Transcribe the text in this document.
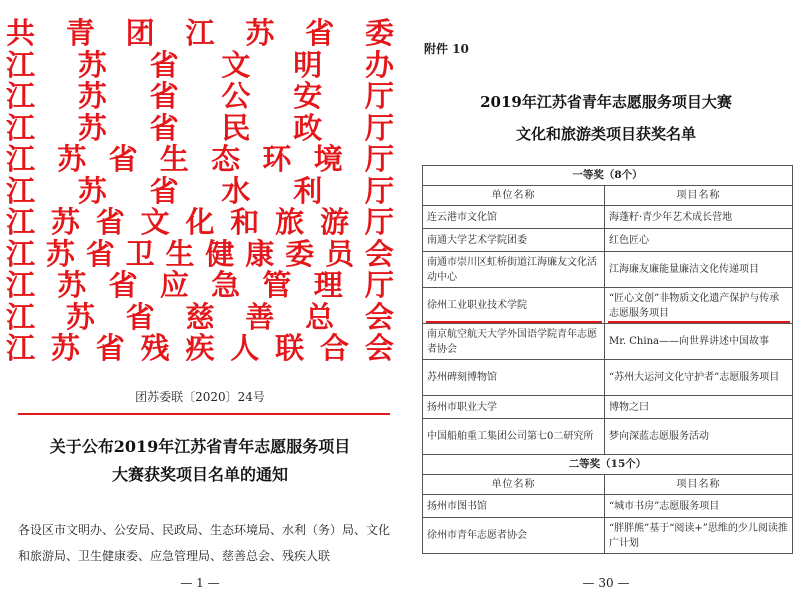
共 青 团 江 苏 省 委
江 苏 省 文 明 办
江 苏 省 公 安 厅
江 苏 省 民 政 厅
江 苏 省 生 态 环 境 厅
江 苏 省 水 利 厅
江 苏 省 文 化 和 旅 游 厅
江 苏 省 卫 生 健 康 委 员 会
江 苏 省 应 急 管 理 厅
江 苏 省 慈 善 总 会
江 苏 省 残 疾 人 联 合 会
团苏委联〔2020〕24号
关于公布2019年江苏省青年志愿服务项目
大赛获奖项目名单的通知
各设区市文明办、公安局、民政局、生态环境局、水利（务）局、文化和旅游局、卫生健康委、应急管理局、慈善总会、残疾人联
— 1 —
附件 10
2019年江苏省青年志愿服务项目大赛
文化和旅游类项目获奖名单
一等奖（8个）	
单位名称	项目名称
连云港市文化馆	海蓬籽·青少年艺术成长营地
南通大学艺术学院团委	红色匠心
南通市崇川区虹桥街道江海廉友文化活动中心	江海廉友廉能量廉洁文化传递项目
徐州工业职业技术学院	“匠心文创”非物质文化遗产保护与传承志愿服务项目
南京航空航天大学外国语学院青年志愿者协会	Mr. China——向世界讲述中国故事
苏州碑刻博物馆	“苏州大运河文化守护者”志愿服务项目
扬州市职业大学	博物之曰
中国船舶重工集团公司第七0二研究所	梦向深蓝志愿服务活动
二等奖（15个）	
单位名称	项目名称
扬州市图书馆	“城市书房”志愿服务项目
徐州市青年志愿者协会	“胖胖熊”基于“阅读+”思维的少儿阅读推广计划
— 30 —
